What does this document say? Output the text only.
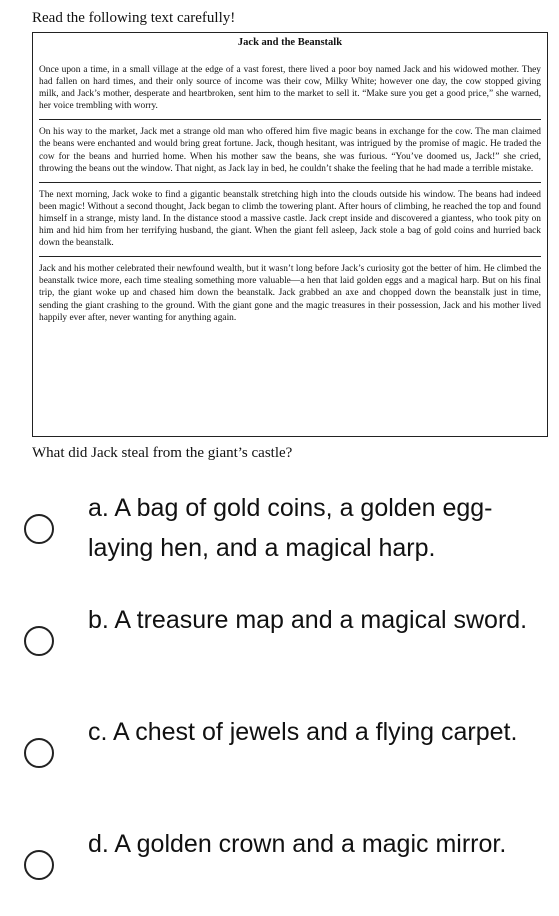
Read the following text carefully!
Jack and the Beanstalk

Once upon a time, in a small village at the edge of a vast forest, there lived a poor boy named Jack and his widowed mother. They had fallen on hard times, and their only source of income was their cow, Milky White; however one day, the cow stopped giving milk, and Jack’s mother, desperate and heartbroken, sent him to the market to sell it. “Make sure you get a good price,” she warned, her voice trembling with worry.

On his way to the market, Jack met a strange old man who offered him five magic beans in exchange for the cow. The man claimed the beans were enchanted and would bring great fortune. Jack, though hesitant, was intrigued by the promise of magic. He traded the cow for the beans and hurried home. When his mother saw the beans, she was furious. “You’ve doomed us, Jack!” she cried, throwing the beans out the window. That night, as Jack lay in bed, he couldn’t shake the feeling that he had made a terrible mistake.

The next morning, Jack woke to find a gigantic beanstalk stretching high into the clouds outside his window. The beans had indeed been magic! Without a second thought, Jack began to climb the towering plant. After hours of climbing, he reached the top and found himself in a strange, misty land. In the distance stood a massive castle. Jack crept inside and discovered a giantess, who took pity on him and hid him from her terrifying husband, the giant. When the giant fell asleep, Jack stole a bag of gold coins and hurried back down the beanstalk.

Jack and his mother celebrated their newfound wealth, but it wasn’t long before Jack’s curiosity got the better of him. He climbed the beanstalk twice more, each time stealing something more valuable—a hen that laid golden eggs and a magical harp. But on his final trip, the giant woke up and chased him down the beanstalk. Jack grabbed an axe and chopped down the beanstalk just in time, sending the giant crashing to the ground. With the giant gone and the magic treasures in their possession, Jack and his mother lived happily ever after, never wanting for anything again.

What did Jack steal from the giant’s castle?
a. A bag of gold coins, a golden egg-laying hen, and a magical harp.
b. A treasure map and a magical sword.
c. A chest of jewels and a flying carpet.
d. A golden crown and a magic mirror.
